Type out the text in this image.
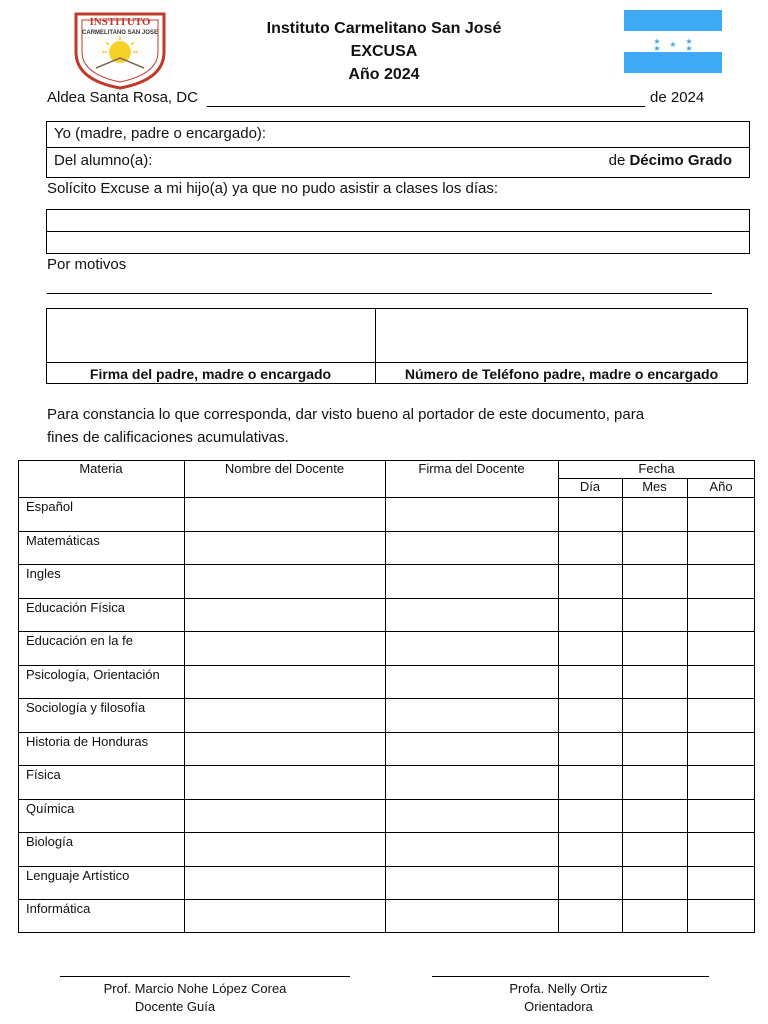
INSTITUTO
CARMELITANO SAN JOSE	Instituto Carmelitano San José
EXCUSA
Año 2024
★ ★ ★
★	★
Aldea Santa Rosa, DC	de 2024
Yo (madre, padre o encargado):
Del alumno(a):	de Décimo Grado
Solícito Excuse a mi hijo(a) ya que no pudo asistir a clases los días:
Por motivos
Firma del padre, madre o encargado	Número de Teléfono padre, madre o encargado
Para constancia lo que corresponda, dar visto bueno al portador de este documento, para
fines de calificaciones acumulativas.
Materia	Nombre del Docente	Firma del Docente	Fecha
Día	Mes	Año
Español
Matemáticas
Ingles
Educación Física
Educación en la fe
Psicología, Orientación
Sociología y filosofía
Historia de Honduras
Física
Química
Biología
Lenguaje Artístico
Informática
Prof. Marcio Nohe López Corea
Docente Guía
Profa. Nelly Ortiz
Orientadora
